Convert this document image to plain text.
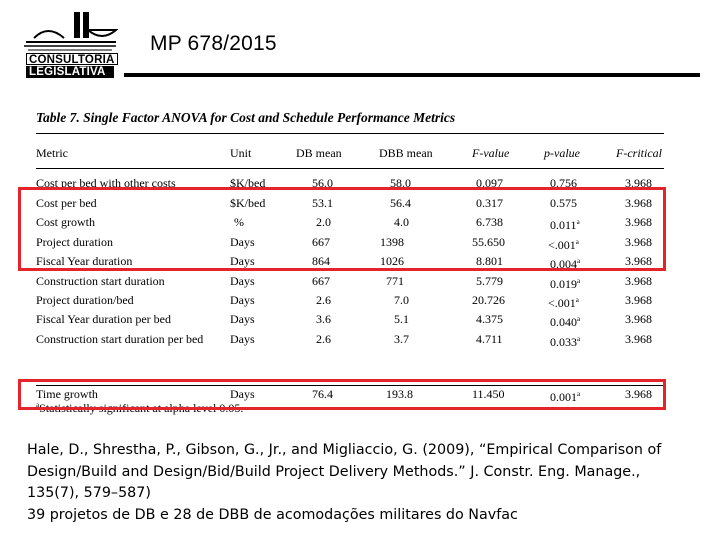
CONSULTORIA
LEGISLATIVA
MP 678/2015
Table 7. Single Factor ANOVA for Cost and Schedule Performance Metrics
Metric	Unit	DB mean	DBB mean	F-value	p-value	F-critical
Cost per bed with other costs	$K/bed	56.0	58.0	0.097	0.756	3.968
Cost per bed	$K/bed	53.1	56.4	0.317	0.575	3.968
Cost growth	%	2.0	4.0	6.738	0.011$^a$	3.968
Project duration	Days	667	1398	55.650	<.001$^a$	3.968
Fiscal Year duration	Days	864	1026	8.801	0.004$^a$	3.968
Construction start duration	Days	667	771	5.779	0.019$^a$	3.968
Project duration/bed	Days	2.6	7.0	20.726	<.001$^a$	3.968
Fiscal Year duration per bed	Days	3.6	5.1	4.375	0.040$^a$	3.968
Construction start duration per bed Days	2.6	3.7	4.711	0.033$^a$	3.968
Time growth	Days	76.4	193.8	11.450	0.001$^a$	3.968
$^a$Statistically significant at alpha level 0.05.
Hale, D., Shrestha, P., Gibson, G., Jr., and Migliaccio, G. (2009), “Empirical Comparison of
Design/Build and Design/Bid/Build Project Delivery Methods.” J. Constr. Eng. Manage.,
135(7), 579–587)
39 projetos de DB e 28 de DBB de acomodações militares do Navfac
